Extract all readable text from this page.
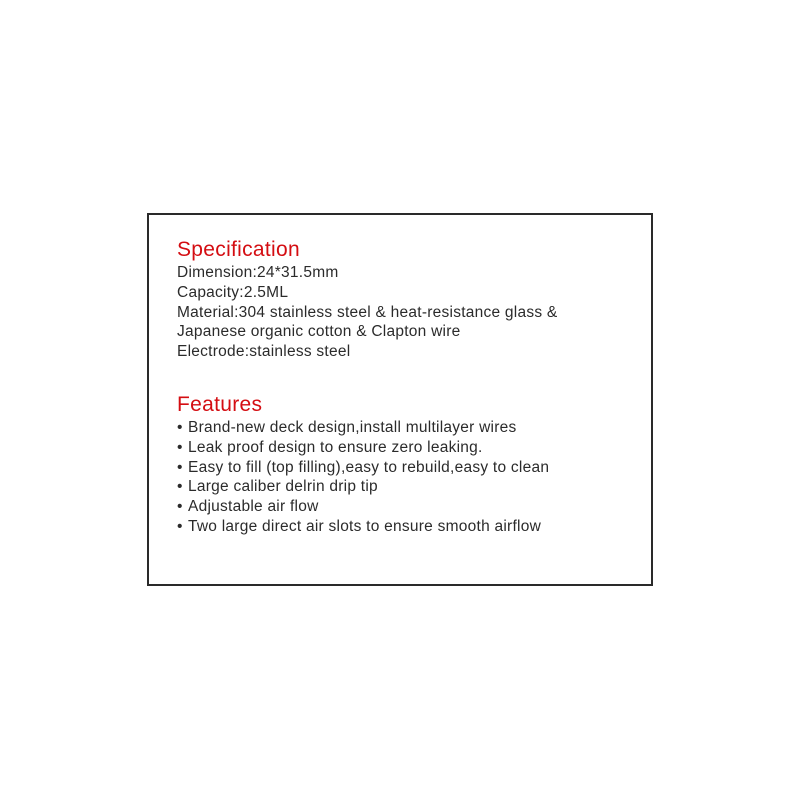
Specification

Dimension:24*31.5mm

Capacity:2.5ML

Material:304 stainless steel & heat-resistance glass &

Japanese organic cotton & Clapton wire

Electrode:stainless steel

Features
• Brand-new deck design,install multilayer wires
• Leak proof design to ensure zero leaking.
• Easy to fill (top filling),easy to rebuild,easy to clean
• Large caliber delrin drip tip
• Adjustable air flow
• Two large direct air slots to ensure smooth airflow
